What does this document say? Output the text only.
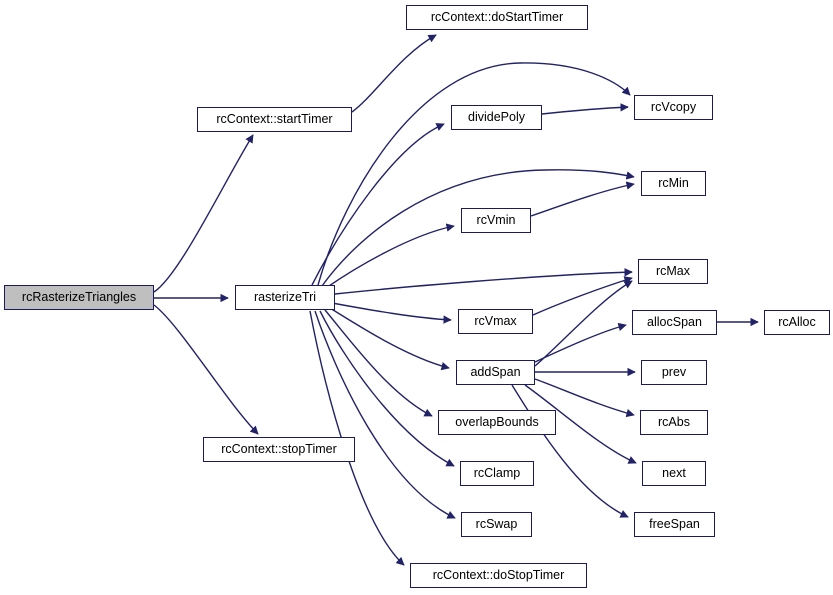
rcRasterizeTriangles
rcContext::startTimer
rasterizeTri
rcContext::stopTimer
rcContext::doStartTimer
dividePoly
rcVmin
rcVmax
addSpan
overlapBounds
rcClamp
rcSwap
rcContext::doStopTimer
rcVcopy
rcMin
rcMax
allocSpan
prev
rcAbs
next
freeSpan
rcAlloc
